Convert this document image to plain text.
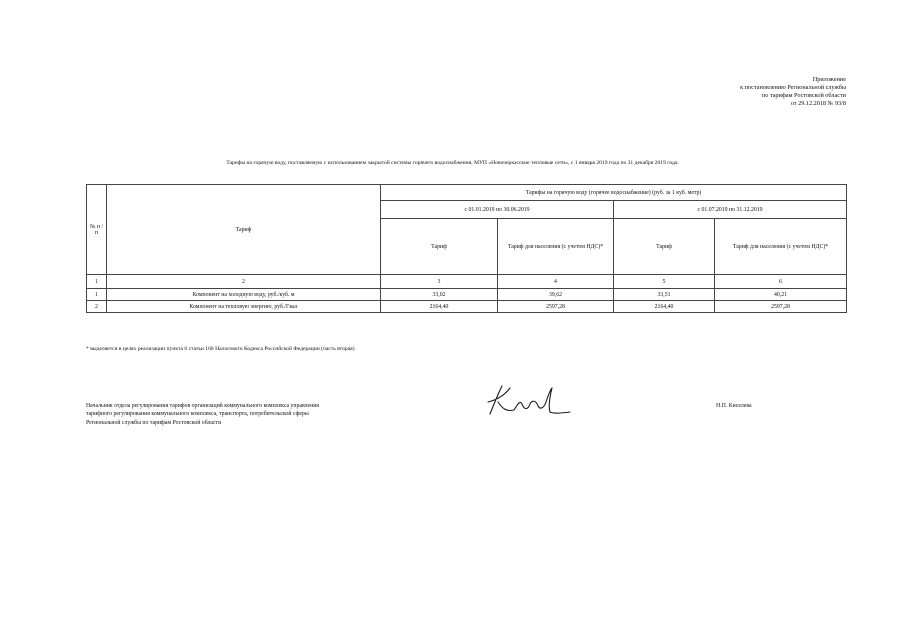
Приложение
к постановлению Региональной службы
по тарифам Ростовской области
от 29.12.2018 № 93/8
Тарифы на горячую воду, поставляемую с использованием закрытой системы горячего водоснабжения, МУП «Новочеркасские тепловые сети», с 1 января 2019 года по 31 декабря 2019 года.
№ п /п	Тариф	Тарифы на горячую воду (горячее водоснабжение) (руб. за 1 куб. метр)			
		с 01.01.2019 по 30.06.2019		с 01.07.2019 по 31.12.2019	
		Тариф	Тариф для населения (с учетом НДС)*	Тариф	Тариф для населения (с учетом НДС)*
1	2	3	4	5	6
1	Компонент на холодную воду, руб./куб. м	33,02	39,62	33,51	40,21
2	Компонент на тепловую энергию, руб./Гкал	2164,40	2597,28	2164,40	2597,28
* выделяется в целях реализации пункта 6 статьи 168 Налогового Кодекса Российской Федерации (часть вторая)
Начальник отдела регулирования тарифов организаций коммунального комплекса управления
тарифного регулирования коммунального комплекса, транспорта, потребительской сферы
Региональной службы по тарифам Ростовской области
Н.П. Киселева
